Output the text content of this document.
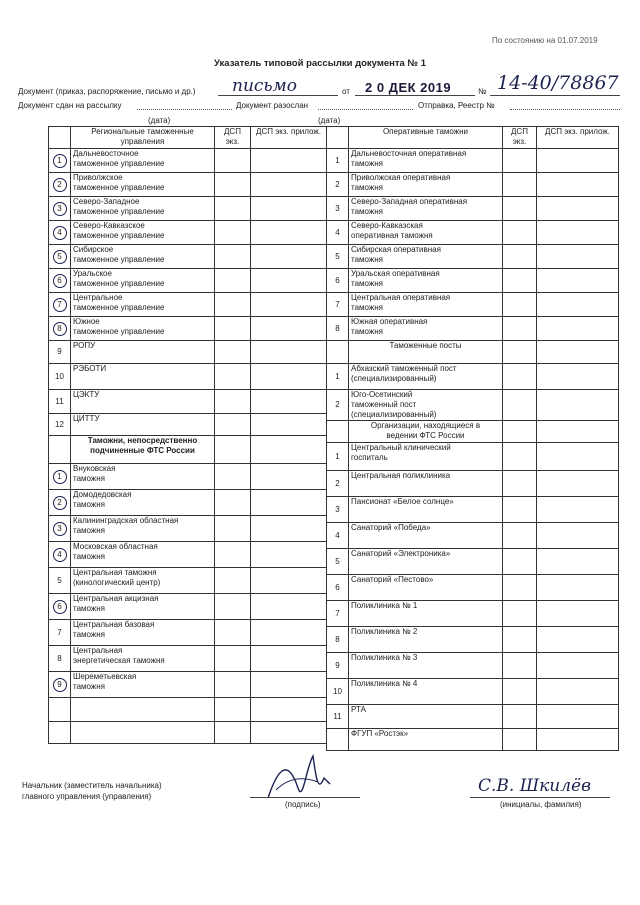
По состоянию на 01.07.2019
Указатель типовой рассылки документа № 1
Документ (приказ, распоряжение, письмо и др.) письмо	от 2 0 ДЕК 2019	№ 14-40/78867
Документ сдан на рассылку	Документ разослан	Отправка, Реестр №
(дата)	(дата)
	Региональные таможенные управления	ДСП экз.	ДСП экз. прилож.
1	Дальневосточное
таможенное управление		
2	Приволжское
таможенное управление		
3	Северо-Западное
таможенное управление		
4	Северо-Кавказское
таможенное управление		
5	Сибирское
таможенное управление		
6	Уральское
таможенное управление		
7	Центральное
таможенное управление		
8	Южное
таможенное управление		
9	РОПУ		
10	РЭБОТИ		
11	ЦЭКТУ		
12	ЦИТТУ		
	Таможни, непосредственно
подчиненные ФТС России		
1	Внуковская
таможня		
2	Домодедовская
таможня		
3	Калининградская областная
таможня		
4	Московская областная
таможня		
5	Центральная таможня
(кинологический центр)		
6	Центральная акцизная
таможня		
7	Центральная базовая
таможня		
8	Центральная
энергетическая таможня		
9	Шереметьевская
таможня		

	Оперативные таможни	ДСП экз.	ДСП экз. прилож.
1	Дальневосточная оперативная
таможня		
2	Приволжская оперативная
таможня		
3	Северо-Западная оперативная
таможня		
4	Северо-Кавказская
оперативная таможня		
5	Сибирская оперативная
таможня		
6	Уральская оперативная
таможня		
7	Центральная оперативная
таможня		
8	Южная оперативная
таможня		
	Таможенные посты		
1	Абхазский таможенный пост
(специализированный)		
2	Юго-Осетинский
таможенный пост
(специализированный)		
	Организации, находящиеся в
ведении ФТС России		
1	Центральный клинический
госпиталь		
2	Центральная поликлиника		
3	Пансионат «Белое солнце»		
4	Санаторий «Победа»		
5	Санаторий «Электроника»		
6	Санаторий «Пестово»		
7	Поликлиника № 1		
8	Поликлиника № 2		
9	Поликлиника № 3		
10	Поликлиника № 4		
11	РТА		
	ФГУП «Ростэк»		
Начальник (заместитель начальника)
главного управления (управления)
(подпись)
С.В. Шкилёв
(инициалы, фамилия)
